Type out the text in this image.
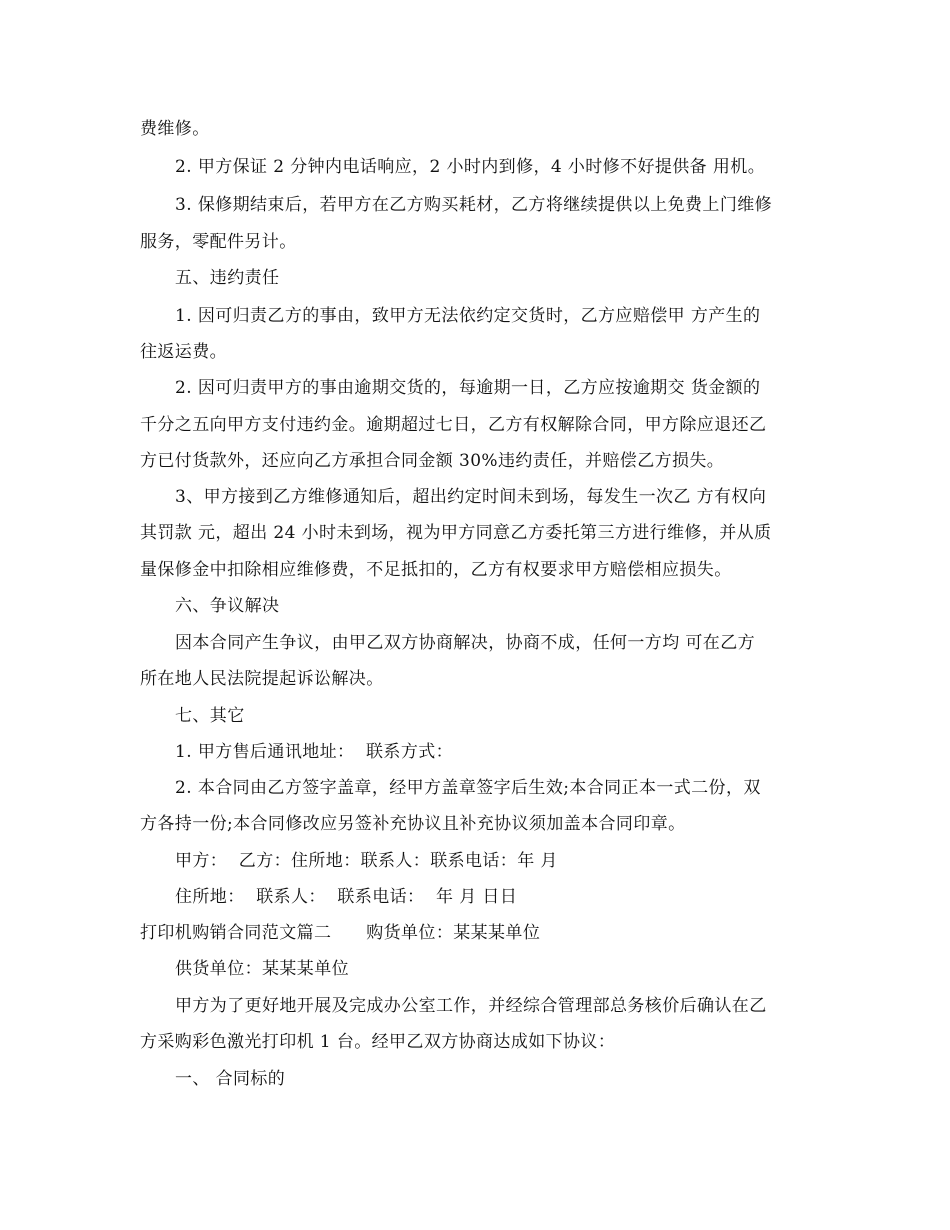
费维修。
2. 甲方保证 2 分钟内电话响应，2 小时内到修，4 小时修不好提供备 用机。
3. 保修期结束后，若甲方在乙方购买耗材，乙方将继续提供以上免费上门维修
服务，零配件另计。
五、违约责任
1. 因可归责乙方的事由，致甲方无法依约定交货时，乙方应赔偿甲 方产生的
往返运费。
2. 因可归责甲方的事由逾期交货的，每逾期一日，乙方应按逾期交 货金额的
千分之五向甲方支付违约金。逾期超过七日，乙方有权解除合同，甲方除应退还乙
方已付货款外，还应向乙方承担合同金额 30%违约责任，并赔偿乙方损失。
3、甲方接到乙方维修通知后，超出约定时间未到场，每发生一次乙 方有权向
其罚款 元，超出 24 小时未到场，视为甲方同意乙方委托第三方进行维修，并从质
量保修金中扣除相应维修费，不足抵扣的，乙方有权要求甲方赔偿相应损失。
六、争议解决
因本合同产生争议，由甲乙双方协商解决，协商不成，任何一方均 可在乙方
所在地人民法院提起诉讼解决。
七、其它
1. 甲方售后通讯地址：  联系方式：
2. 本合同由乙方签字盖章，经甲方盖章签字后生效;本合同正本一式二份，双
方各持一份;本合同修改应另签补充协议且补充协议须加盖本合同印章。
甲方：  乙方：住所地：联系人：联系电话：年 月
住所地：  联系人：  联系电话：  年 月 日日
打印机购销合同范文篇二      购货单位：某某某单位
供货单位：某某某单位
甲方为了更好地开展及完成办公室工作，并经综合管理部总务核价后确认在乙
方采购彩色激光打印机 1 台。经甲乙双方协商达成如下协议：
一、 合同标的
